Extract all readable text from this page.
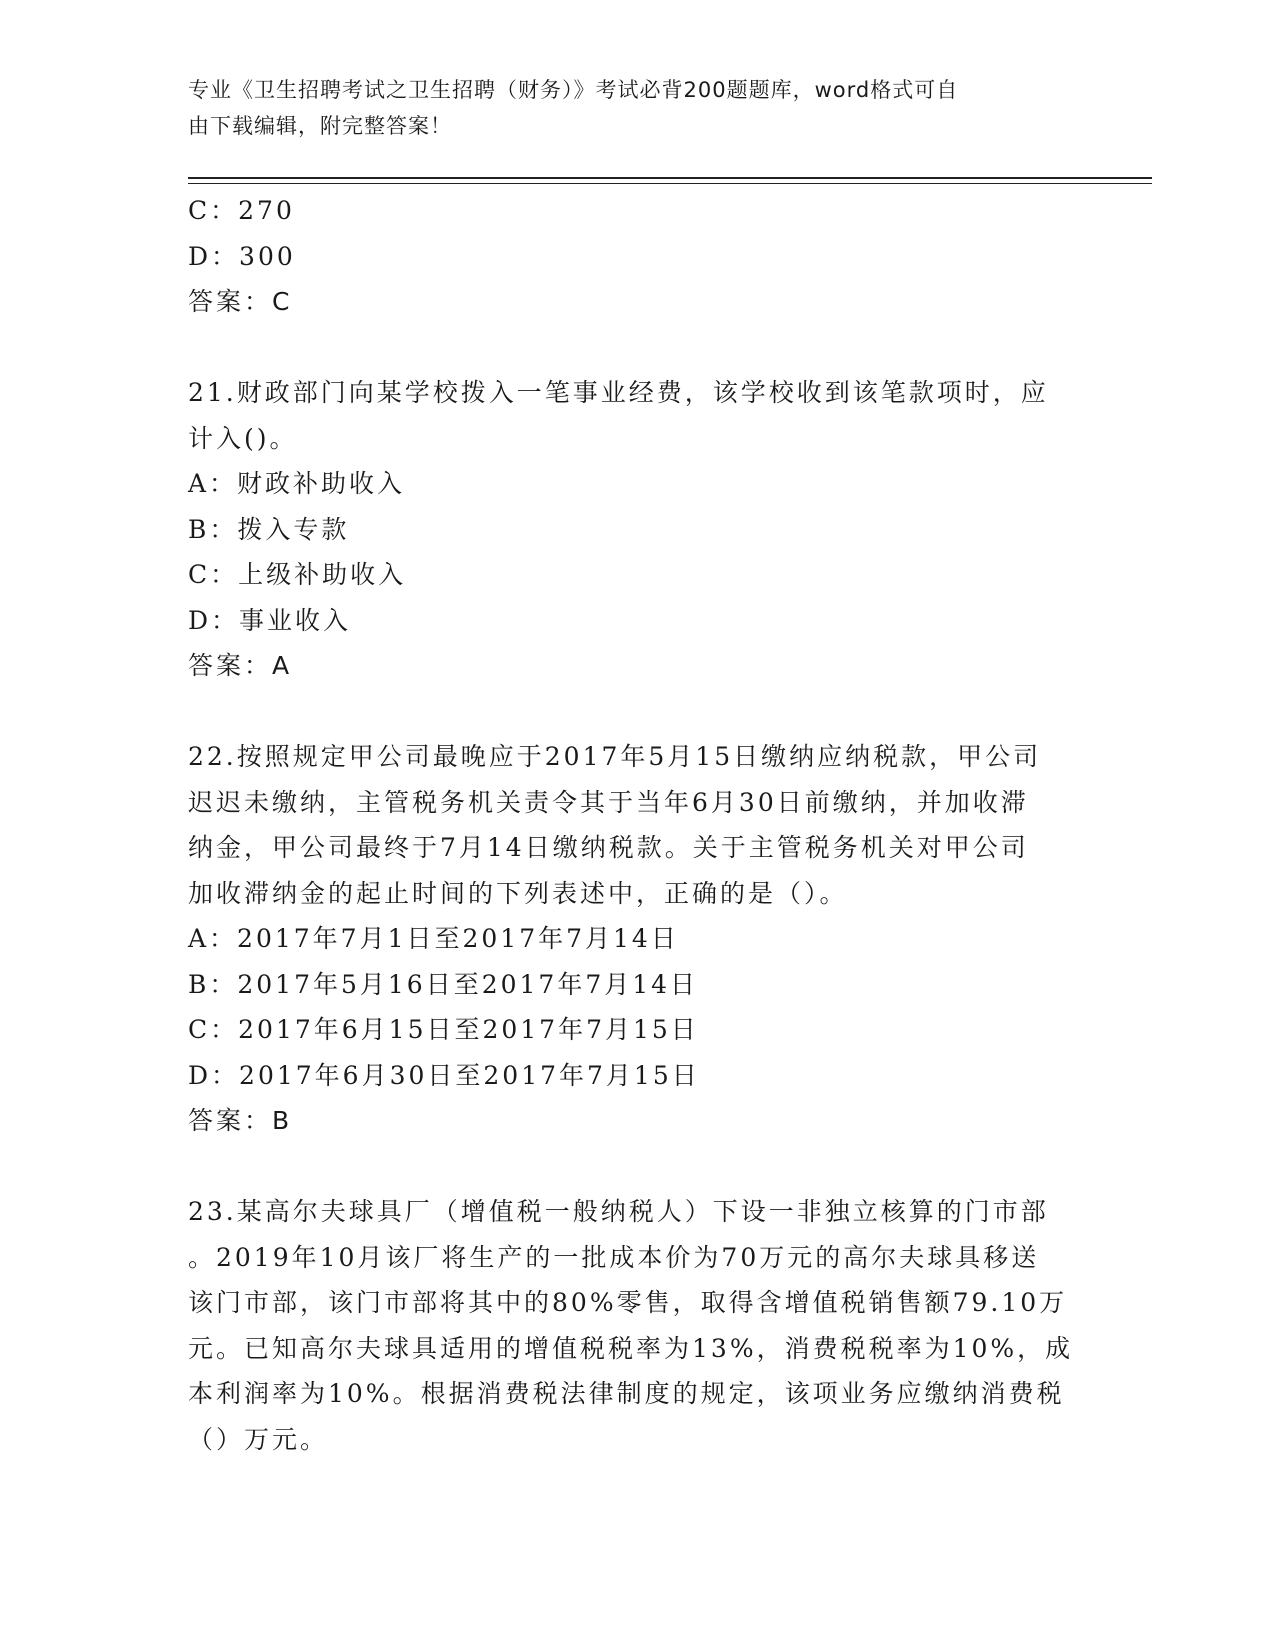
专业《卫生招聘考试之卫生招聘（财务）》考试必背200题题库，word格式可自
由下载编辑，附完整答案！
C：270
D：300
答案：C
21.财政部门向某学校拨入一笔事业经费，该学校收到该笔款项时，应
计入()。
A：财政补助收入
B：拨入专款
C：上级补助收入
D：事业收入
答案：A
22.按照规定甲公司最晚应于2017年5月15日缴纳应纳税款，甲公司
迟迟未缴纳，主管税务机关责令其于当年6月30日前缴纳，并加收滞
纳金，甲公司最终于7月14日缴纳税款。关于主管税务机关对甲公司
加收滞纳金的起止时间的下列表述中，正确的是（）。
A：2017年7月1日至2017年7月14日
B：2017年5月16日至2017年7月14日
C：2017年6月15日至2017年7月15日
D：2017年6月30日至2017年7月15日
答案：B
23.某高尔夫球具厂（增值税一般纳税人）下设一非独立核算的门市部
。2019年10月该厂将生产的一批成本价为70万元的高尔夫球具移送
该门市部，该门市部将其中的80%零售，取得含增值税销售额79.10万
元。已知高尔夫球具适用的增值税税率为13%，消费税税率为10%，成
本利润率为10%。根据消费税法律制度的规定，该项业务应缴纳消费税
（）万元。
